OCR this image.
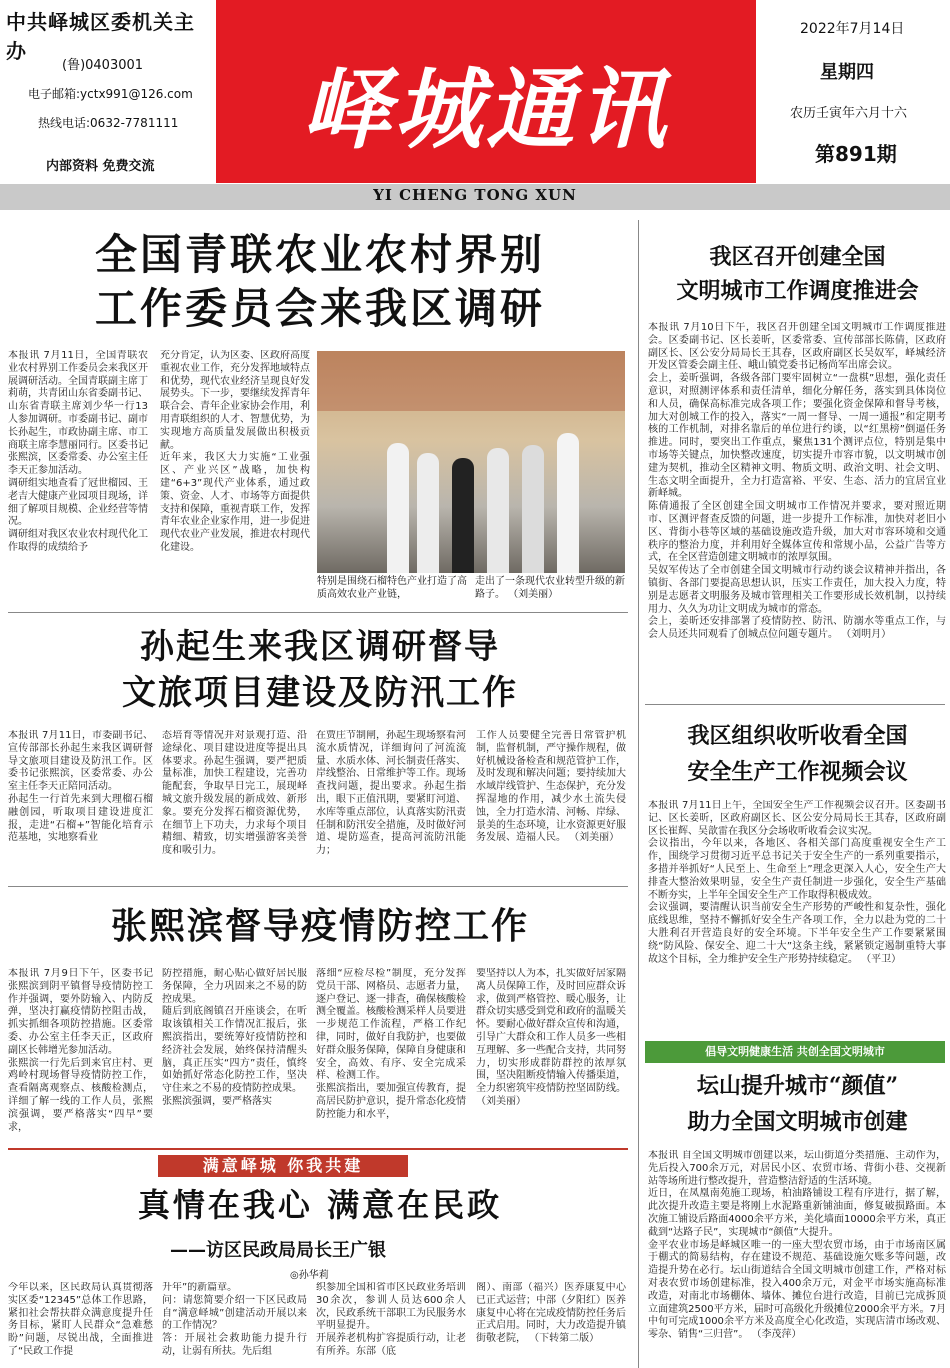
中共峄城区委机关主办
(鲁)0403001
电子邮箱:yctx991@126.com
热线电话:0632-7781111
内部资料 免费交流
峄城通讯
2022年7月14日
星期四
农历壬寅年六月十六
第891期
YI CHENG TONG XUN
全国青联农业农村界别
工作委员会来我区调研
本报讯 7月11日，全国青联农业农村界别工作委员会来我区开展调研活动。全国青联副主席丁莉萌，共青团山东省委副书记、山东省青联主席刘少华一行13人参加调研。市委副书记、副市长孙起生，市政协副主席、市工商联主席李慧丽同行。区委书记张熙滨，区委常委、办公室主任李天正参加活动。
调研组实地查看了冠世榴园、王老吉大健康产业园项目现场，详细了解项目规模、企业经营等情况。
调研组对我区农业农村现代化工作取得的成绩给予
充分肯定，认为区委、区政府高度重视农业工作，充分发挥地域特点和优势，现代农业经济呈现良好发展势头。下一步，要继续发挥青年联合会、青年企业家协会作用，利用青联组织的人才、智慧优势，为实现地方高质量发展做出积极贡献。
近年来，我区大力实施“工业强区、产业兴区”战略，加快构建“6+3”现代产业体系，通过政策、资金、人才、市场等方面提供支持和保障，重视青联工作，发挥青年农业企业家作用，进一步促进现代农业产业发展，推进农村现代化建设。
特别是围绕石榴特色产业打造了高质高效农业产业链，
走出了一条现代农业转型升级的新路子。 （刘美丽）
孙起生来我区调研督导
文旅项目建设及防汛工作
本报讯 7月11日，市委副书记、宣传部部长孙起生来我区调研督导文旅项目建设及防汛工作。区委书记张熙滨，区委常委、办公室主任李天正陪同活动。
孙起生一行首先来到大理榴石榴融创园，听取项目建设进度汇报，走进“石榴+”智能化培育示范基地，实地察看业
态培育等情况并对景观打造、沿途绿化、项目建设进度等提出具体要求。孙起生强调，要严把质量标准，加快工程建设，完善功能配套，争取早日完工，展现峄城文旅升级发展的新成效、新形象。要充分发挥石榴资源优势，在细节上下功夫，力求每个项目精细、精致，切实增强游客美誉度和吸引力。
在贾庄节制闸，孙起生现场察看河流水质情况，详细询问了河流流量、水质水体、河长制责任落实、岸线整治、日常维护等工作。现场查找问题，提出要求。孙起生指出，眼下正值汛期，要紧盯河道、水库等重点部位，认真落实防汛责任制和防汛安全措施，及时做好河道、堤防巡查，提高河流防汛能力；
工作人员要健全完善日常管护机制，监督机制，严守操作规程，做好机械设备检查和规范管护工作，及时发现和解决问题；要持续加大水域岸线管护、生态保护，充分发挥湿地的作用，减少水土流失侵蚀，全力打造水清、河畅、岸绿、景美的生态环境，让水资源更好服务发展、造福人民。 （刘美丽）
张熙滨督导疫情防控工作
本报讯 7月9日下午，区委书记张熙滨到阴平镇督导疫情防控工作并强调，要外防输入、内防反弹，坚决打赢疫情防控阻击战，抓实抓细各项防控措施。区委常委、办公室主任李天正，区政府副区长韩增光参加活动。
张熙滨一行先后到来官庄村、更鸡岭村现场督导疫情防控工作，查看隔离观察点、核酸检测点，详细了解一线的工作人员，张熙滨强调，要严格落实“四早”要求，
防控措施，耐心贴心做好居民服务保障，全力巩固来之不易的防控成果。
随后到底阁镇召开座谈会，在听取该镇相关工作情况汇报后，张熙滨指出，要统筹好疫情防控和经济社会发展，始终保持清醒头脑，真正压实“四方”责任，慎终如始抓好常态化防控工作，坚决守住来之不易的疫情防控成果。
张熙滨强调，要严格落实
落细“应检尽检”制度，充分发挥党员干部、网格员、志愿者力量，逐户登记、逐一排查，确保核酸检测全覆盖。核酸检测采样人员要进一步规范工作流程，严格工作纪律，同时，做好自我防护，也要做好群众服务保障，保障自身健康和安全，高效、有序、安全完成采样、检测工作。
张熙滨指出，要加强宣传教育，提高居民防护意识，提升常态化疫情防控能力和水平，
要坚持以人为本，扎实做好居家隔离人员保障工作，及时回应群众诉求，做到严格管控、暖心服务，让群众切实感受到党和政府的温暖关怀。要耐心做好群众宣传和沟通，引导广大群众和工作人员多一些相互理解、多一些配合支持，共同努力，切实形成群防群控的浓厚氛围，坚决阻断疫情输入传播渠道，全力织密筑牢疫情防控坚固防线。 （刘美丽）
满意峄城 你我共建
真情在我心 满意在民政
——访区民政局局长王广银
◎孙华莉
今年以来，区民政局认真贯彻落实区委“12345”总体工作思路，紧扣社会帮扶群众满意度提升任务目标，紧盯人民群众“急难愁盼”问题，尽锐出战，全面推进了“民政工作提
升年”的新篇章。
问：请您简要介绍一下区民政局自“满意峄城”创建活动开展以来的工作情况？
答：开展社会救助能力提升行动，让弱有所扶。先后组
织参加全国和省市区民政业务培训30余次，参训人员达600余人次，民政系统干部职工为民服务水平明显提升。
开展养老机构扩容提质行动，让老有所养。东部（底
阁）、南部（福兴）医养康复中心已正式运营；中部（夕阳红）医养康复中心将在完成疫情防控任务后正式启用。同时，大力改造提升镇街敬老院， （下转第二版）
我区召开创建全国
文明城市工作调度推进会
本报讯 7月10日下午，我区召开创建全国文明城市工作调度推进会。区委副书记、区长姜昕，区委常委、宣传部部长陈倩，区政府副区长、区公安分局局长王其春，区政府副区长吴奴军，峄城经济开发区管委会副主任、峨山镇党委书记杨尚军出席会议。
会上，姜昕强调，各级各部门要牢固树立“一盘棋”思想，强化责任意识，对照测评体系和责任清单，细化分解任务，落实到具体岗位和人员，确保高标准完成各项工作；要强化资金保障和督导考核，加大对创城工作的投入，落实“一周一督导、一周一通报”和定期考核的工作机制，对排名靠后的单位进行约谈，以“红黑榜”倒逼任务推进。同时，要突出工作重点，聚焦131个测评点位，特别是集中市场等关键点，加快整改速度，切实提升市容市貌，以文明城市创建为契机，推动全区精神文明、物质文明、政治文明、社会文明、生态文明全面提升，全力打造富裕、平安、生态、活力的宜居宜业新峄城。
陈倩通报了全区创建全国文明城市工作情况并要求，要对照近期市、区测评督查反馈的问题，进一步提升工作标准，加快对老旧小区、背街小巷等区域的基础设施改造升级，加大对市容环境和交通秩序的整治力度，并利用好全媒体宣传和常规小品，公益广告等方式，在全区营造创建文明城市的浓厚氛围。
吴奴军传达了全市创建全国文明城市行动约谈会议精神并指出，各镇街、各部门要提高思想认识，压实工作责任，加大投入力度，特别是志愿者文明服务及城市管理相关工作要形成长效机制，以持续用力、久久为功让文明成为城市的常态。
会上，姜昕还安排部署了疫情防控、防汛、防溺水等重点工作，与会人员还共同观看了创城点位问题专题片。 （刘明月）
我区组织收听收看全国
安全生产工作视频会议
本报讯 7月11日上午，全国安全生产工作视频会议召开。区委副书记、区长姜昕，区政府副区长、区公安分局局长王其春，区政府副区长崔辉、吴歆雷在我区分会场收听收看会议实况。
会议指出，今年以来，各地区、各相关部门高度重视安全生产工作，围绕学习贯彻习近平总书记关于安全生产的一系列重要指示，多措并举抓好“人民至上、生命至上”理念更深入人心，安全生产大排查大整治效果明显，安全生产责任制进一步强化，安全生产基础不断夯实，上半年全国安全生产工作取得积极成效。
会议强调，要清醒认识当前安全生产形势的严峻性和复杂性，强化底线思维，坚持不懈抓好安全生产各项工作，全力以赴为党的二十大胜利召开营造良好的安全环境。下半年安全生产工作要紧紧围绕“防风险、保安全、迎二十大”这条主线，紧紧锁定遏制重特大事故这个目标，全力维护安全生产形势持续稳定。 （平卫）
倡导文明健康生活 共创全国文明城市
坛山提升城市“颜值”
助力全国文明城市创建
本报讯 自全国文明城市创建以来，坛山街道分类措施、主动作为，先后投入700余万元，对居民小区、农贸市场、背街小巷、交视新站等场所进行整改提升，营造整洁舒适的生活环境。
近日，在凤凰南苑施工现场，柏油路铺设工程有序进行，据了解，此次提升改造主要是将刚上水泥路重新铺油面，修复破损路面。本次施工铺设后路面4000余平方米，美化墙面10000余平方米，真正截到“达路子民”，实现城市“颜值”大提升。
金平农业市场是峄城区唯一的一座大型农贸市场，由于市场南区属于棚式的简易结构，存在建设不规范、基础设施欠账多等问题，改造提升势在必行。坛山街道结合全国文明城市创建工作，严格对标对表农贸市场创建标准，投入400余万元，对金平市场实施高标准改造，对南北市场棚体、墙体、摊位台进行改造，目前已完成拆顶立面建筑2500平方米，届时可高级化升级摊位2000余平方米。7月中旬可完成1000余平方米及高度全心化改造，实现店清市场改观、零杂、销售“三归营”。 （李茂萍）
